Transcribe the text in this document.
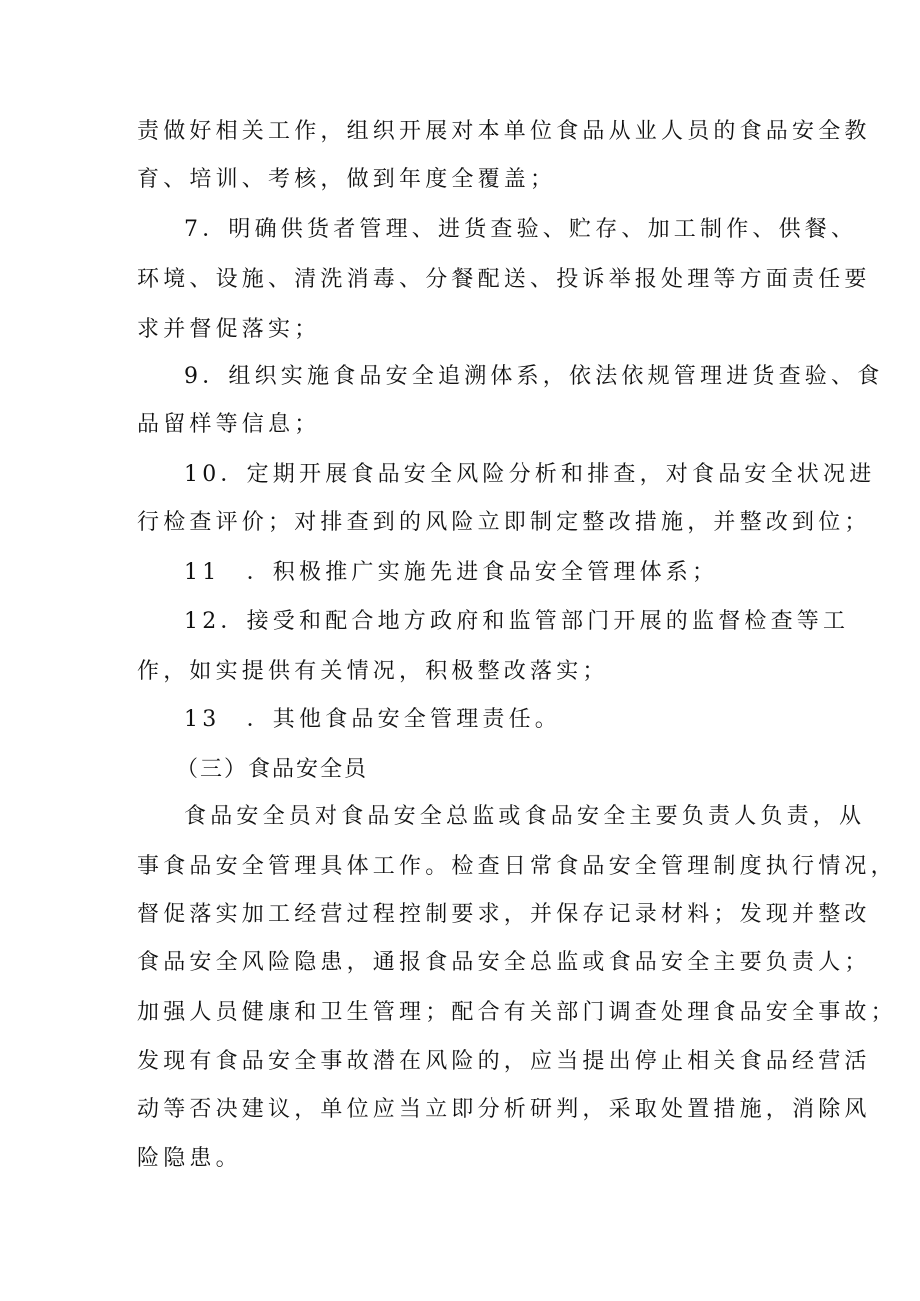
责做好相关工作，组织开展对本单位食品从业人员的食品安全教
育、培训、考核，做到年度全覆盖；
7．明确供货者管理、进货查验、贮存、加工制作、供餐、
环境、设施、清洗消毒、分餐配送、投诉举报处理等方面责任要
求并督促落实；
9．组织实施食品安全追溯体系，依法依规管理进货查验、食
品留样等信息；
10．定期开展食品安全风险分析和排查，对食品安全状况进
行检查评价；对排查到的风险立即制定整改措施，并整改到位；
11　．积极推广实施先进食品安全管理体系；
12．接受和配合地方政府和监管部门开展的监督检查等工
作，如实提供有关情况，积极整改落实；
13　．其他食品安全管理责任。
（三）食品安全员
食品安全员对食品安全总监或食品安全主要负责人负责，从
事食品安全管理具体工作。检查日常食品安全管理制度执行情况，
督促落实加工经营过程控制要求，并保存记录材料；发现并整改
食品安全风险隐患，通报食品安全总监或食品安全主要负责人；
加强人员健康和卫生管理；配合有关部门调查处理食品安全事故；
发现有食品安全事故潜在风险的，应当提出停止相关食品经营活
动等否决建议，单位应当立即分析研判，采取处置措施，消除风
险隐患。
